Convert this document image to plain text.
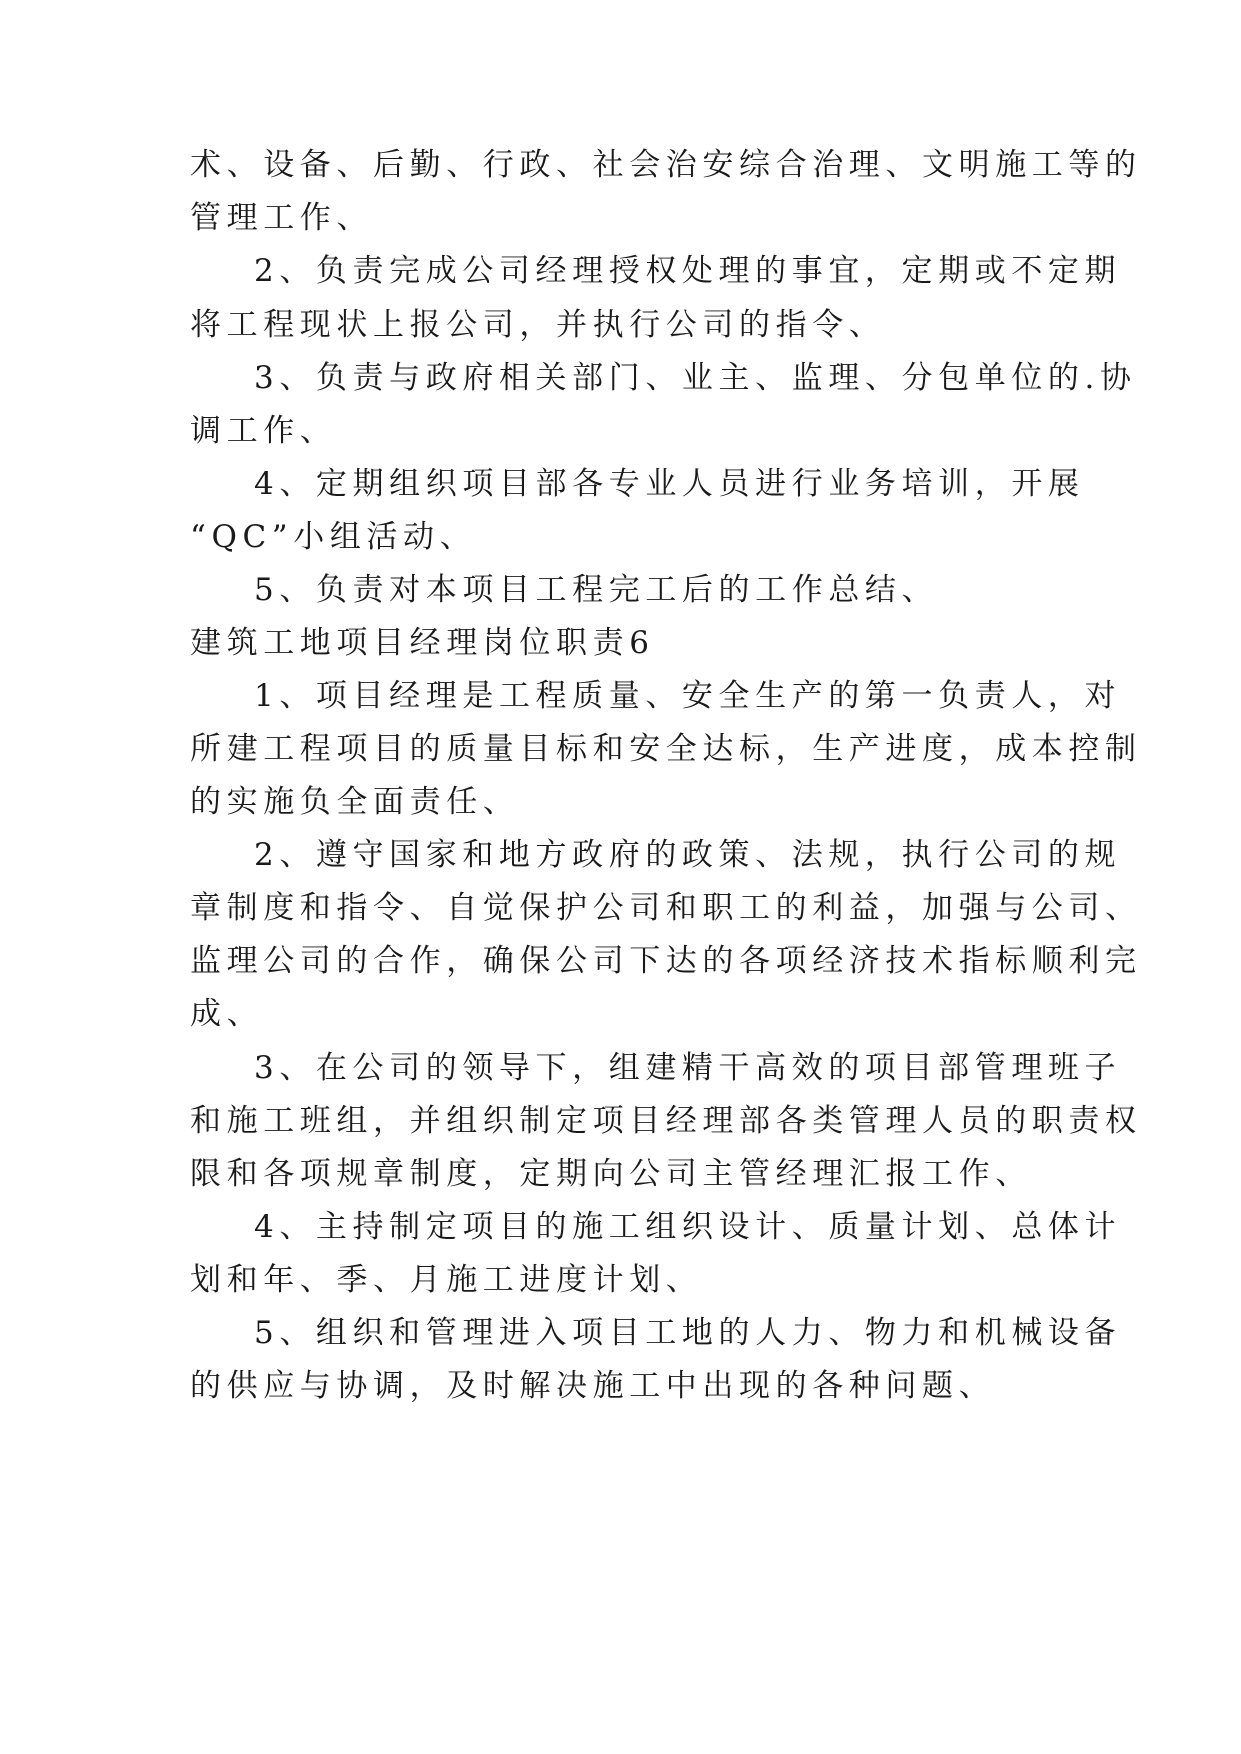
术、设备、后勤、行政、社会治安综合治理、文明施工等的
管理工作、
2、负责完成公司经理授权处理的事宜，定期或不定期
将工程现状上报公司，并执行公司的指令、
3、负责与政府相关部门、业主、监理、分包单位的.协
调工作、
4、定期组织项目部各专业人员进行业务培训，开展
“QC”小组活动、
5、负责对本项目工程完工后的工作总结、
建筑工地项目经理岗位职责6
1、项目经理是工程质量、安全生产的第一负责人，对
所建工程项目的质量目标和安全达标，生产进度，成本控制
的实施负全面责任、
2、遵守国家和地方政府的政策、法规，执行公司的规
章制度和指令、自觉保护公司和职工的利益，加强与公司、
监理公司的合作，确保公司下达的各项经济技术指标顺利完
成、
3、在公司的领导下，组建精干高效的项目部管理班子
和施工班组，并组织制定项目经理部各类管理人员的职责权
限和各项规章制度，定期向公司主管经理汇报工作、
4、主持制定项目的施工组织设计、质量计划、总体计
划和年、季、月施工进度计划、
5、组织和管理进入项目工地的人力、物力和机械设备
的供应与协调，及时解决施工中出现的各种问题、
